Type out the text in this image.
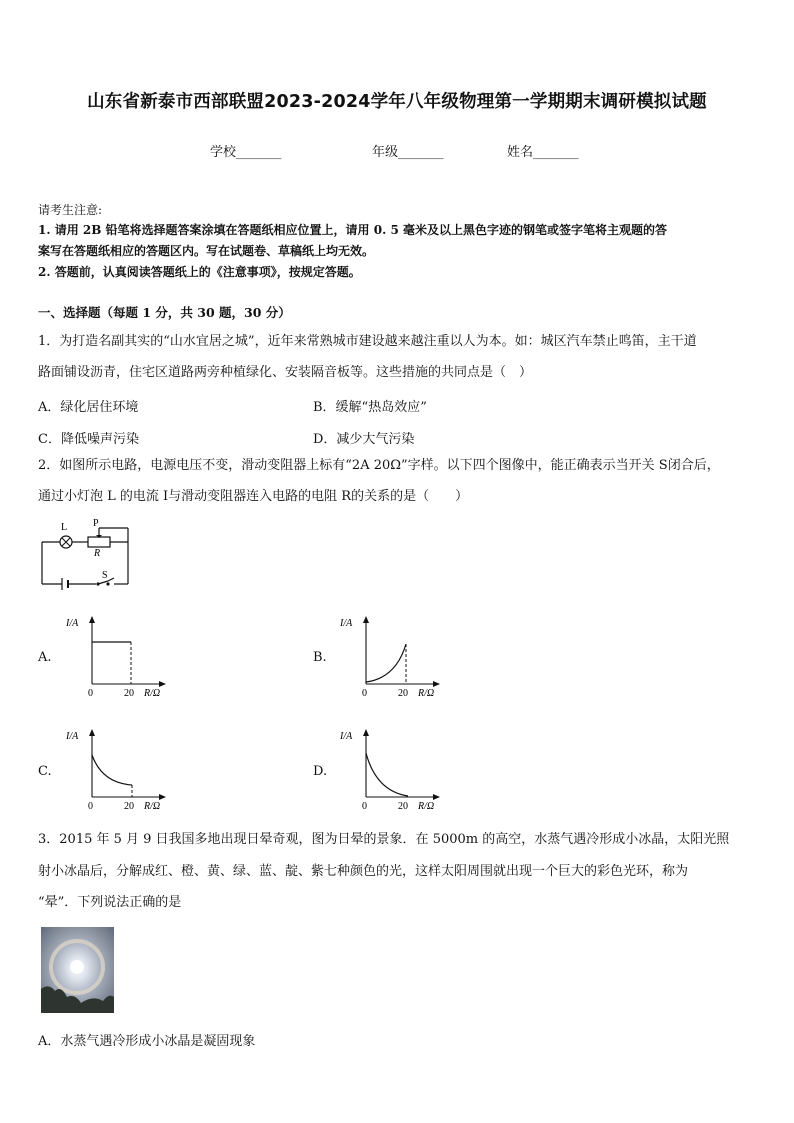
山东省新泰市西部联盟2023-2024学年八年级物理第一学期期末调研模拟试题
学校_______	年级_______	姓名_______
请考生注意:
1. 请用 2B 铅笔将选择题答案涂填在答题纸相应位置上，请用 0. 5 毫米及以上黑色字迹的钢笔或签字笔将主观题的答
案写在答题纸相应的答题区内。写在试题卷、草稿纸上均无效。
2. 答题前，认真阅读答题纸上的《注意事项》，按规定答题。
一、选择题（每题 1 分，共 30 题，30 分）
1．为打造名副其实的“山水宜居之城”，近年来常熟城市建设越来越注重以人为本。如：城区汽车禁止鸣笛，主干道
路面铺设沥青，住宅区道路两旁种植绿化、安装隔音板等。这些措施的共同点是（　）
A．绿化居住环境	B．缓解“热岛效应”
C．降低噪声污染	D．减少大气污染
2．如图所示电路，电源电压不变，滑动变阻器上标有“2A 20Ω”字样。以下四个图像中，能正确表示当开关 S闭合后，
通过小灯泡 L 的电流 I与滑动变阻器连入电路的电阻 R的关系的是（　　）
L	P
R
S
A.	B.
C.	D.
I/A
0	20 R/Ω
I/A
0	20 R/Ω
I/A
0	20 R/Ω
I/A
0	20 R/Ω
3．2015 年 5 月 9 日我国多地出现日晕奇观，图为日晕的景象．在 5000m 的高空，水蒸气遇冷形成小冰晶，太阳光照
射小冰晶后，分解成红、橙、黄、绿、蓝、靛、紫七种颜色的光，这样太阳周围就出现一个巨大的彩色光环，称为
“晕”．下列说法正确的是
A．水蒸气遇冷形成小冰晶是凝固现象
